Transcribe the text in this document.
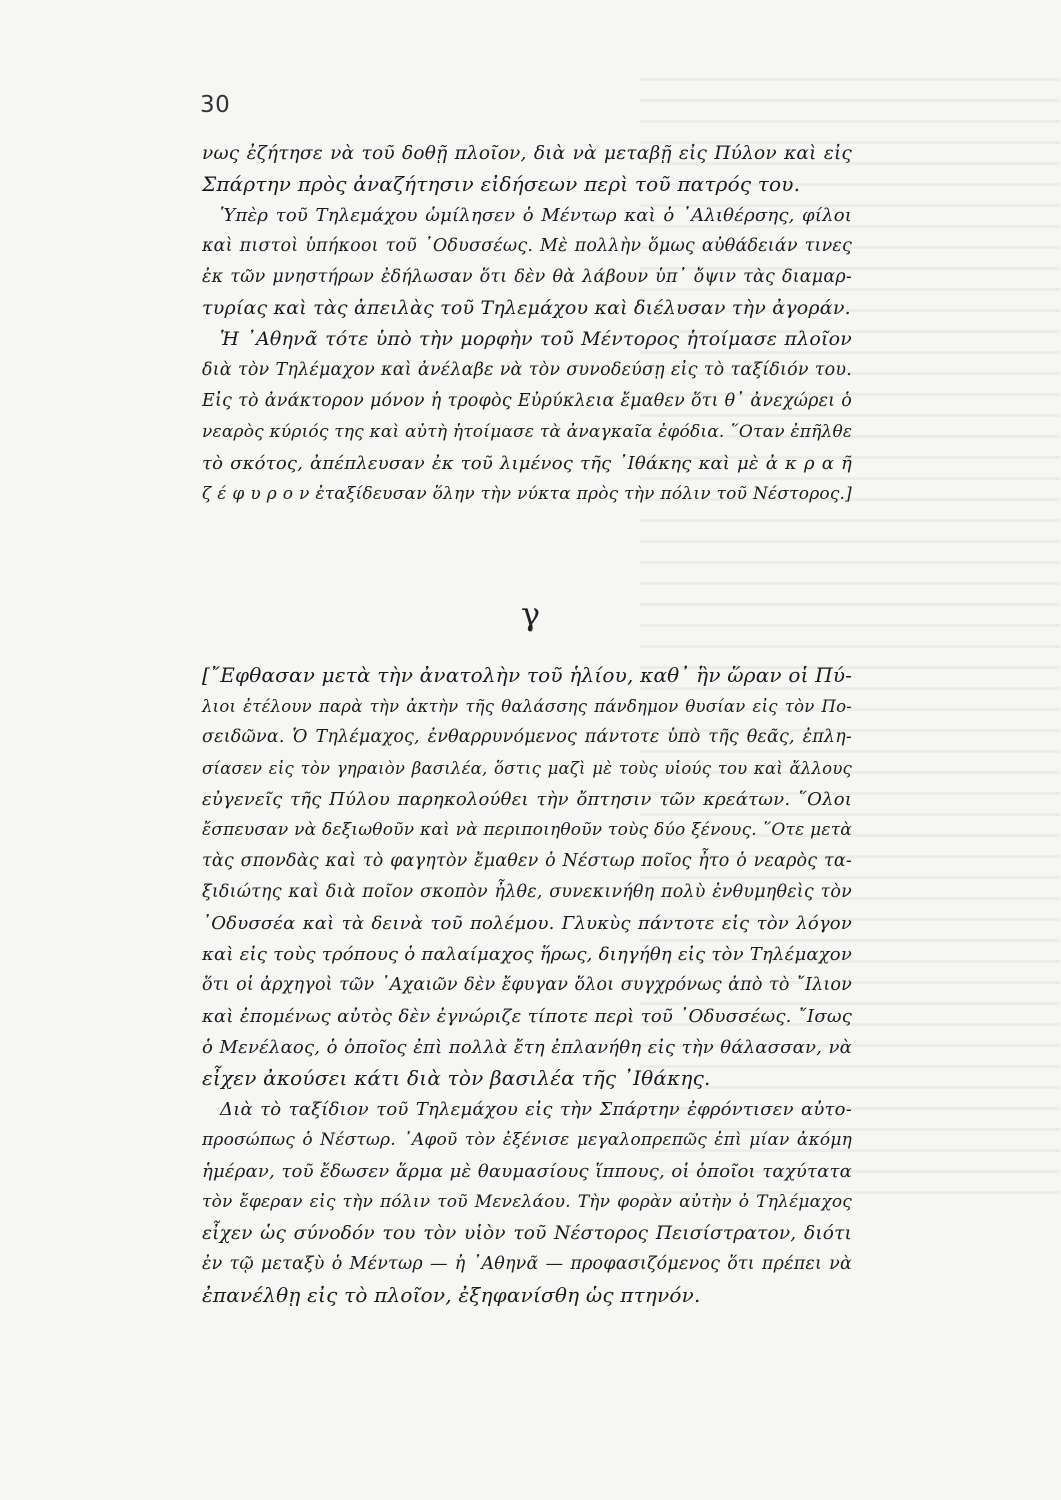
30
νως ἐζήτησε νὰ τοῦ δοθῇ πλοῖον, διὰ νὰ μεταβῇ εἰς Πύλον καὶ εἰς
Σπάρτην πρὸς ἀναζήτησιν εἰδήσεων περὶ τοῦ πατρός του.
Ὑπὲρ τοῦ Τηλεμάχου ὡμίλησεν ὁ Μέντωρ καὶ ὁ ᾿Αλιθέρσης, φίλοι
καὶ πιστοὶ ὑπήκοοι τοῦ ᾿Οδυσσέως. Μὲ πολλὴν ὅμως αὐθάδειάν τινες
ἐκ τῶν μνηστήρων ἐδήλωσαν ὅτι δὲν θὰ λάβουν ὑπ᾿ ὄψιν τὰς διαμαρ-
τυρίας καὶ τὰς ἀπειλὰς τοῦ Τηλεμάχου καὶ διέλυσαν τὴν ἀγοράν.
Ἡ ᾿Αθηνᾶ τότε ὑπὸ τὴν μορφὴν τοῦ Μέντορος ἡτοίμασε πλοῖον
διὰ τὸν Τηλέμαχον καὶ ἀνέλαβε νὰ τὸν συνοδεύσῃ εἰς τὸ ταξίδιόν του.
Εἰς τὸ ἀνάκτορον μόνον ἡ τροφὸς Εὐρύκλεια ἔμαθεν ὅτι θ᾿ ἀνεχώρει ὁ
νεαρὸς κύριός της καὶ αὐτὴ ἡτοίμασε τὰ ἀναγκαῖα ἐφόδια. ῞Οταν ἐπῆλθε
τὸ σκότος, ἀπέπλευσαν ἐκ τοῦ λιμένος τῆς ᾿Ιθάκης καὶ μὲ ἀ κ ρ α ῆ
ζ έ φ υ ρ ο ν ἐταξίδευσαν ὅλην τὴν νύκτα πρὸς τὴν πόλιν τοῦ Νέστορος.]
γ
[῎Εφθασαν μετὰ τὴν ἀνατολὴν τοῦ ἡλίου, καθ᾿ ἣν ὥραν οἱ Πύ-
λιοι ἐτέλουν παρὰ τὴν ἀκτὴν τῆς θαλάσσης πάνδημον θυσίαν εἰς τὸν Πο-
σειδῶνα. Ὁ Τηλέμαχος, ἐνθαρρυνόμενος πάντοτε ὑπὸ τῆς θεᾶς, ἐπλη-
σίασεν εἰς τὸν γηραιὸν βασιλέα, ὅστις μαζὶ μὲ τοὺς υἱούς του καὶ ἄλλους
εὐγενεῖς τῆς Πύλου παρηκολούθει τὴν ὄπτησιν τῶν κρεάτων. ῞Ολοι
ἔσπευσαν νὰ δεξιωθοῦν καὶ νὰ περιποιηθοῦν τοὺς δύο ξένους. ῞Οτε μετὰ
τὰς σπονδὰς καὶ τὸ φαγητὸν ἔμαθεν ὁ Νέστωρ ποῖος ἦτο ὁ νεαρὸς τα-
ξιδιώτης καὶ διὰ ποῖον σκοπὸν ἦλθε, συνεκινήθη πολὺ ἐνθυμηθεὶς τὸν
᾿Οδυσσέα καὶ τὰ δεινὰ τοῦ πολέμου. Γλυκὺς πάντοτε εἰς τὸν λόγον
καὶ εἰς τοὺς τρόπους ὁ παλαίμαχος ἥρως, διηγήθη εἰς τὸν Τηλέμαχον
ὅτι οἱ ἀρχηγοὶ τῶν ᾿Αχαιῶν δὲν ἔφυγαν ὅλοι συγχρόνως ἀπὸ τὸ ῎Ιλιον
καὶ ἐπομένως αὐτὸς δὲν ἐγνώριζε τίποτε περὶ τοῦ ᾿Οδυσσέως. ῎Ισως
ὁ Μενέλαος, ὁ ὁποῖος ἐπὶ πολλὰ ἔτη ἐπλανήθη εἰς τὴν θάλασσαν, νὰ
εἶχεν ἀκούσει κάτι διὰ τὸν βασιλέα τῆς ᾿Ιθάκης.
Διὰ τὸ ταξίδιον τοῦ Τηλεμάχου εἰς τὴν Σπάρτην ἐφρόντισεν αὐτο-
προσώπως ὁ Νέστωρ. ᾿Αφοῦ τὸν ἐξένισε μεγαλοπρεπῶς ἐπὶ μίαν ἀκόμη
ἡμέραν, τοῦ ἔδωσεν ἅρμα μὲ θαυμασίους ἵππους, οἱ ὁποῖοι ταχύτατα
τὸν ἔφεραν εἰς τὴν πόλιν τοῦ Μενελάου. Τὴν φορὰν αὐτὴν ὁ Τηλέμαχος
εἶχεν ὡς σύνοδόν του τὸν υἱὸν τοῦ Νέστορος Πεισίστρατον, διότι
ἐν τῷ μεταξὺ ὁ Μέντωρ — ἡ ᾿Αθηνᾶ — προφασιζόμενος ὅτι πρέπει νὰ
ἐπανέλθῃ εἰς τὸ πλοῖον, ἐξηφανίσθη ὡς πτηνόν.
